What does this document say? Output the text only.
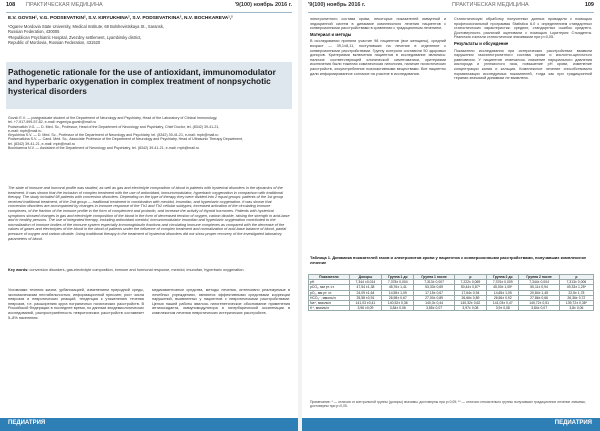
108 ПРАКТИЧЕСКАЯ МЕДИЦИНА	'9(100) ноябрь 2016 г.
E.V. GOVSH¹, V.G. PODSEVATKIN², S.V. KIRYUKHINA², S.V. PODSEVATKINA², N.V. BOCHKAREVA¹,²
¹Ogarev Mordovia State University, Medical Institute, 68 Bolshevistskaya St., Saransk,
Russian Federation, 430005
²Republican Psychiatric Hospital, Zvezdny settlement, Lyambirsky district,
Republic of Mordovia, Russian Federation, 431520
Pathogenetic rationale for the use of antioxidant, immunomodulator and hyperbaric oxygenation in complex treatment of nonpsychotic hysterical disorders
Govsh E.V. — postgraduate student of the Department of Neurology and Psychiatry, Head of the Laboratory of Clinical Immunology,
tel. +7-917-999-57-82, e-mail: evgeniya.govsh@mail.ru
Podsevatkin V.G. — D. Med. Sc., Professor, Head of the Department of Neurology and Psychiatry, Chief Doctor, tel. (8342) 39-41-21,
e-mail: rnpb@mail.ru
Kiryukhina S.V. — D. Med. Sc., Professor of the Department of Neurology and Psychiatry, tel. (8342) 39-41-21, e-mail: rnpb@mail.ru
Podsevatkina S.V. — Cand. Med. Sc., Associate Professor of the Department of Neurology and Psychiatry, Head of Ultrasonic Therapy Department,
tel. (8342) 39-41-21, e-mail: rnpb@mail.ru
Bochkareva N.V. — Assistant of the Department of Neurology and Psychiatry, tel. (8342) 39-41-21, e-mail: rnpb@mail.ru
The state of immune and humoral profile was studied, as well as gas and electrolyte composition of blood in patients with hysterical disorders in the dynamics of the treatment. It was shown that the inclusion of complex treatment with the use of antioxidant, immunomodulator, hyperbaric oxygenation in comparison with traditional therapy. The study included 98 patients with conversion disorders. Depending on the type of therapy they were divided into 2 equal groups: patients of the 1st group received traditional treatment, of the 2nd group — traditional treatment in combination with mexidol, imunofan, and hyperbaric oxygenation. It was shown that conversion disorders are accompanied by changes in immune response of the Th1 and Th2 cellular subtypes, increased activation of the circulating immune complexes, of the fraction of the immune profile in the form of complement and prolactin, and increase the activity of thyroid hormones. Patients with hysterical symptoms showed changes in gas and electrolyte composition of the blood in the form of decreased tension of oxygen, carbon dioxide, raising the strength in acid-base and in healthy persons. The use of integrated therapy, including antioxidant mexidol, immunomodulator imunofan and hyperbaric oxygenation contributed to the normalization of immune bodies of the immune system especially immunoglobulin fractions and circulating immune complexes as compared with the decrease of the values of gases and electrolytes of the blood in the blood of patients under the influence of complex treatment and normalization of acid-base balance of blood, partial pressure of oxygen and carbon dioxide. Using traditional therapy in the treatment of hysterical disorders did not show proper recovery of the investigated laboratory parameters of blood.
Key words: conversion disorders, gas-electrolyte composition, immune and hormonal response, mexidol, imunofan, hyperbaric oxygenation.
Условиями течения жизни, урбанизацией, изменением природной среды, экономическими нестабильностью, информационной прессинг, рост числа неврозов и невротических реакций, тенденция к утяжелению течения неврозов, т.е. расширению круга пограничных психических расстройств. В Российской Федерации в последнее время, по данным эпидемиологических исследований, распространённость невротических расстройств составляет 5–8% населения.
медикаментозные средства, методы лечения, интенсивно реализуемые в лечебных учреждениях, являются эффективными средствами коррекции нарушений, выявленных у пациентов с невротическими расстройствами. Целью нашей работы явилось патогенетическое обоснование применения антиоксиданта, иммуномодулятора и гипербарической оксигенации в комплексном лечении невротических истерических расстройств.
ПЕДИАТРИЯ
'9(100) ноябрь 2016 г.	ПРАКТИЧЕСКАЯ МЕДИЦИНА	109
электролитного состава крови, некоторых показателей иммунной и эндокринной систем в динамике комплексного лечения пациентов с конверсионными расстройствами в сравнении с традиционным лечением.
Материал и методы
В исследовании приняли участие 98 пациентов (все женщины), средний возраст — 39,1±8,11, поступивших на лечение в отделение с конверсионными расстройствами. Группу контроля составили 50 здоровых доноров. Критериями включения пациентов в исследование являлись: наличие соответствующей клинической симптоматики, критериями исключения были тяжелая соматическая патология, наличие психотических расстройств, злоупотребление психоактивными веществами. Все пациенты дали информированное согласие на участие в исследовании.
Статистическую обработку полученных данных проводили с помощью профессиональной программы Statistica 6.0 с определением стандартных статистических характеристик: средних, стандартных ошибок среднего. Достоверность различий оценивали с помощью t-критерия Стьюдента. Различия считали статистически значимыми при p<0,05.
Результаты и обсуждение
Показатели исследования при истерических расстройствах выявили нарушения газоэлектролитного состава крови и кислотно-щелочного равновесия. У пациентов отмечалось снижение парциального давления кислорода и углекислого газа, повышение pH крови, изменение концентрации калия и кальция. Комплексное лечение способствовало нормализации исследуемых показателей, тогда как при традиционной терапии значимой динамики не выявлено.
Таблица 1. Динамика показателей газов и электролитов крови у пациентов с конверсионными расстройствами, получавших комплексное лечение
Показатели	Доноры	Группа 1 до	Группа 1 после	p	Группа 2 до	Группа 2 после	p
pH	7,344 ±0,014	7,378± 0,004	7,313± 0,007	7,222± 0,069	7,376± 0,009	7,344± 0,004	7,313± 0,006
pCO₂, мм рт. ст.	47,54 ±1,38	45,76± 1,41	53,33± 0,69	50,44± 0,87*	45,00± 1,05*	50,11± 0,94	49,33± 1,25*
pO₂, мм рт. ст.	24,09 ±1,64	14,55± 1,09	17,15± 0,67	17,64± 0,94	14,65± 1,05	20,84± 1,45	22,5± 1,78
HCO₃⁻, ммоль/л	25,58 ±0,91	26,98± 0,67	27,00± 0,89	26,66± 0,89	26,56± 0,92	27,86± 0,66	26,36± 0,72
Na⁺, ммоль/л	141,03 ±0,41	140,52± 0,36	140,3± 0,44	140,32± 0,62	141,03± 0,47	140,72± 0,51	139,72± 0,38*
K⁺, ммоль/л	3,96 ±0,09	3,84± 0,06	3,85± 0,07	3,97± 0,08	3,9± 0,08	3,84± 0,07	3,8± 0,06
Примечание: * — отличия от контрольной группы (доноры) значимы, достоверны при p<0,05; ** — отличия относительно группы получавших традиционное лечение значимы, достоверны при p<0,05.
ПЕДИАТРИЯ
